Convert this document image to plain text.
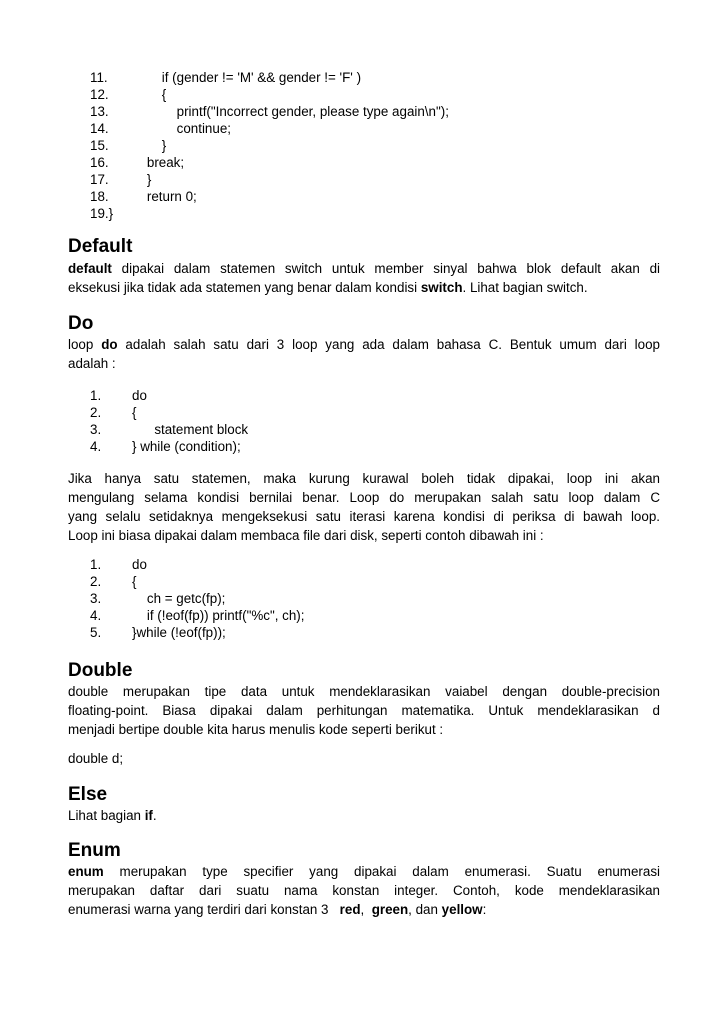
11.        if (gender != 'M' && gender != 'F' )
12.        {
13.            printf("Incorrect gender, please type again\n");
14.            continue;
15.        }
16.    break;
17.    }
18.    return 0;
19.}
Default
default dipakai dalam statemen switch untuk member sinyal bahwa blok default akan di
eksekusi jika tidak ada statemen yang benar dalam kondisi switch. Lihat bagian switch.
Do
loop do adalah salah satu dari 3 loop yang ada dalam bahasa C. Bentuk umum dari loop
adalah :
1. do
2. {
3.      statement block
4. } while (condition);
Jika hanya satu statemen, maka kurung kurawal boleh tidak dipakai, loop ini akan
mengulang selama kondisi bernilai benar. Loop do merupakan salah satu loop dalam C
yang selalu setidaknya mengeksekusi satu iterasi karena kondisi di periksa di bawah loop.
Loop ini biasa dipakai dalam membaca file dari disk, seperti contoh dibawah ini :
1. do
2. {
3.    ch = getc(fp);
4.    if (!eof(fp)) printf("%c", ch);
5. }while (!eof(fp));
Double
double merupakan tipe data untuk mendeklarasikan vaiabel dengan double-precision
floating-point. Biasa dipakai dalam perhitungan matematika. Untuk mendeklarasikan d
menjadi bertipe double kita harus menulis kode seperti berikut :
double d;
Else
Lihat bagian if.
Enum
enum merupakan type specifier yang dipakai dalam enumerasi. Suatu enumerasi
merupakan daftar dari suatu nama konstan integer. Contoh, kode mendeklarasikan
enumerasi warna yang terdiri dari konstan 3   red,  green, dan yellow:
